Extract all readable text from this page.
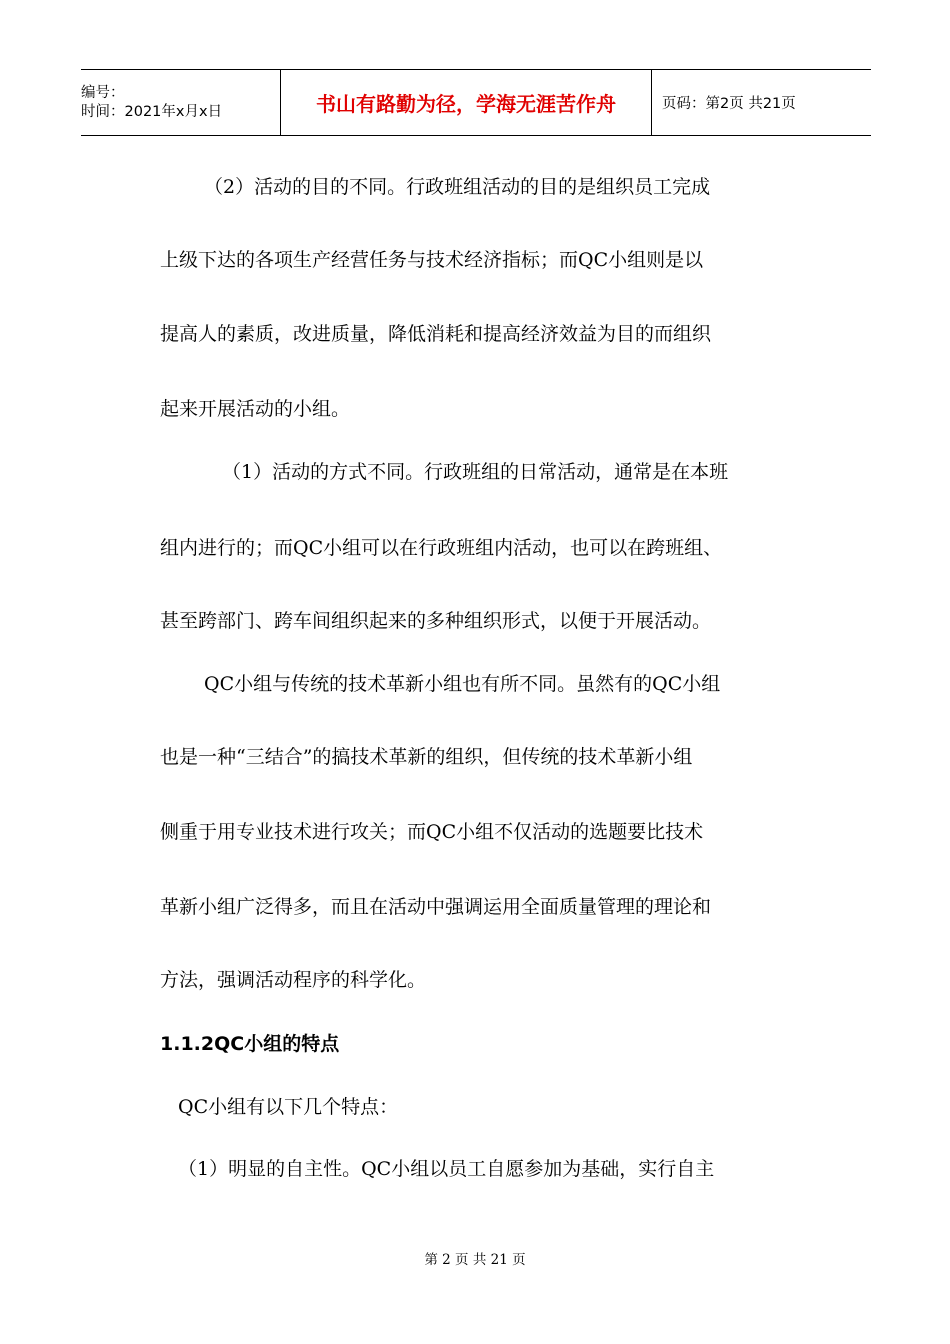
编号：
时间：2021年x月x日	书山有路勤为径，学海无涯苦作舟	页码：第2页 共21页
（2）活动的目的不同。行政班组活动的目的是组织员工完成
上级下达的各项生产经营任务与技术经济指标；而QC小组则是以
提高人的素质，改进质量，降低消耗和提高经济效益为目的而组织
起来开展活动的小组。
（1）活动的方式不同。行政班组的日常活动，通常是在本班
组内进行的；而QC小组可以在行政班组内活动，也可以在跨班组、
甚至跨部门、跨车间组织起来的多种组织形式，以便于开展活动。
QC小组与传统的技术革新小组也有所不同。虽然有的QC小组
也是一种“三结合”的搞技术革新的组织，但传统的技术革新小组
侧重于用专业技术进行攻关；而QC小组不仅活动的选题要比技术
革新小组广泛得多，而且在活动中强调运用全面质量管理的理论和
方法，强调活动程序的科学化。
1.1.2QC小组的特点
QC小组有以下几个特点：
（1）明显的自主性。QC小组以员工自愿参加为基础，实行自主
第 2 页 共 21 页
